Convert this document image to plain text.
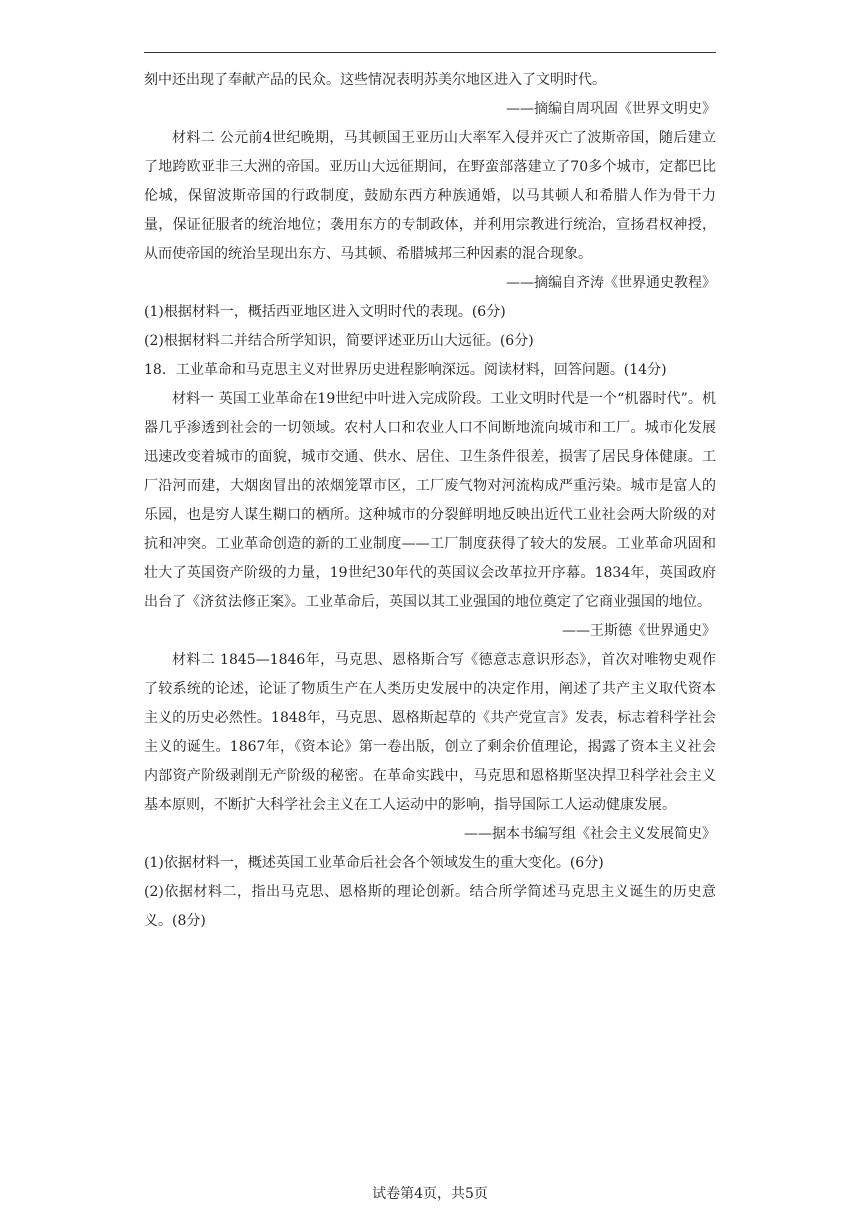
刻中还出现了奉献产品的民众。这些情况表明苏美尔地区进入了文明时代。

——摘编自周巩固《世界文明史》

材料二 公元前4世纪晚期，马其顿国王亚历山大率军入侵并灭亡了波斯帝国，随后建立了地跨欧亚非三大洲的帝国。亚历山大远征期间，在野蛮部落建立了70多个城市，定都巴比伦城，保留波斯帝国的行政制度，鼓励东西方种族通婚，以马其顿人和希腊人作为骨干力量，保证征服者的统治地位；袭用东方的专制政体，并利用宗教进行统治，宣扬君权神授，从而使帝国的统治呈现出东方、马其顿、希腊城邦三种因素的混合现象。

——摘编自齐涛《世界通史教程》

(1)根据材料一，概括西亚地区进入文明时代的表现。(6分)

(2)根据材料二并结合所学知识，简要评述亚历山大远征。(6分)

18．工业革命和马克思主义对世界历史进程影响深远。阅读材料，回答问题。(14分)

材料一 英国工业革命在19世纪中叶进入完成阶段。工业文明时代是一个“机器时代”。机器几乎渗透到社会的一切领域。农村人口和农业人口不间断地流向城市和工厂。城市化发展迅速改变着城市的面貌，城市交通、供水、居住、卫生条件很差，损害了居民身体健康。工厂沿河而建，大烟囱冒出的浓烟笼罩市区，工厂废气物对河流构成严重污染。城市是富人的乐园，也是穷人谋生糊口的栖所。这种城市的分裂鲜明地反映出近代工业社会两大阶级的对抗和冲突。工业革命创造的新的工业制度——工厂制度获得了较大的发展。工业革命巩固和壮大了英国资产阶级的力量，19世纪30年代的英国议会改革拉开序幕。1834年，英国政府出台了《济贫法修正案》。工业革命后，英国以其工业强国的地位奠定了它商业强国的地位。

——王斯德《世界通史》

材料二 1845—1846年，马克思、恩格斯合写《德意志意识形态》，首次对唯物史观作了较系统的论述，论证了物质生产在人类历史发展中的决定作用，阐述了共产主义取代资本主义的历史必然性。1848年，马克思、恩格斯起草的《共产党宣言》发表，标志着科学社会主义的诞生。1867年，《资本论》第一卷出版，创立了剩余价值理论，揭露了资本主义社会内部资产阶级剥削无产阶级的秘密。在革命实践中，马克思和恩格斯坚决捍卫科学社会主义基本原则，不断扩大科学社会主义在工人运动中的影响，指导国际工人运动健康发展。

——据本书编写组《社会主义发展简史》

(1)依据材料一，概述英国工业革命后社会各个领域发生的重大变化。(6分)

(2)依据材料二，指出马克思、恩格斯的理论创新。结合所学简述马克思主义诞生的历史意义。(8分)

试卷第4页，共5页
